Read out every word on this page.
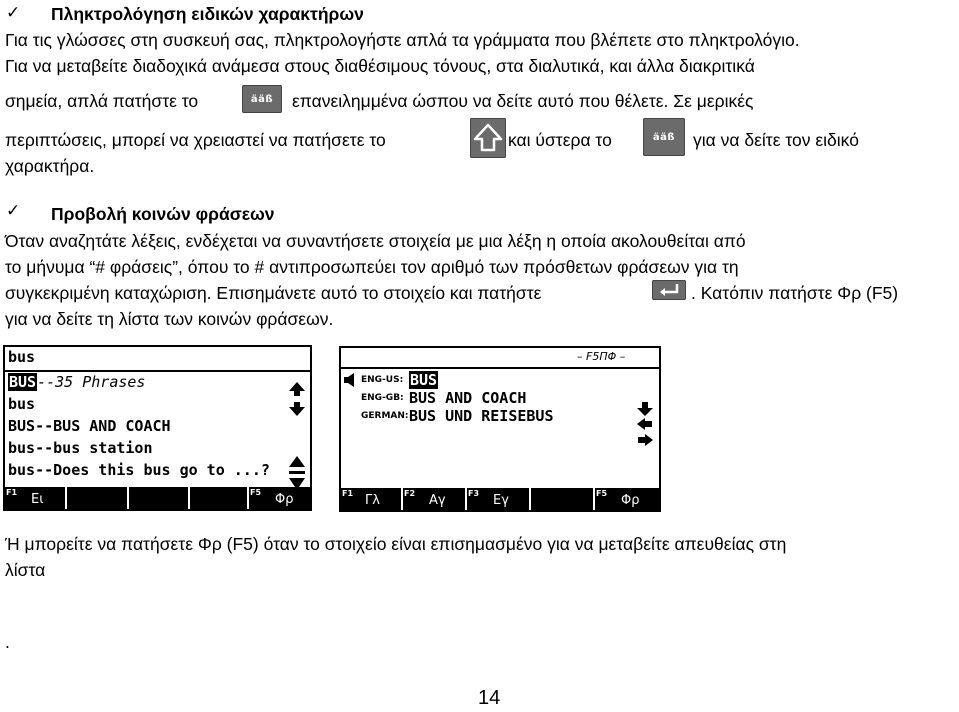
✓ Πληκτρολόγηση ειδικών χαρακτήρων
Για τις γλώσσες στη συσκευή σας, πληκτρολογήστε απλά τα γράμματα που βλέπετε στο πληκτρολόγιο.
Για να μεταβείτε διαδοχικά ανάμεσα στους διαθέσιμους τόνους, στα διαλυτικά, και άλλα διακριτικά
σημεία, απλά πατήστε το	ääß επανειλημμένα ώσπου να δείτε αυτό που θέλετε. Σε μερικές
περιπτώσεις, μπορεί να χρειαστεί να πατήσετε το	και ύστερα το	ääß για να δείτε τον ειδικό
χαρακτήρα.
✓ Προβολή κοινών φράσεων
Όταν αναζητάτε λέξεις, ενδέχεται να συναντήσετε στοιχεία με μια λέξη η οποία ακολουθείται από
το μήνυμα “# φράσεις”, όπου το # αντιπροσωπεύει τον αριθμό των πρόσθετων φράσεων για τη
συγκεκριμένη καταχώριση. Επισημάνετε αυτό το στοιχείο και πατήστε	. Κατόπιν πατήστε Φρ (F5)
για να δείτε τη λίστα των κοινών φράσεων.
bus
BUS--35 Phrases
bus
BUS--BUS AND COACH
bus--bus station
bus--Does this bus go to ...?
F1 Ει	F5 Φρ
– F5ΠΦ –
ENG-US: BUS
ENG-GB: BUS AND COACH
GERMAN: BUS UND REISEBUS
F1 Γλ	F2 Αγ	F3 Εγ	F5 Φρ
Ή μπορείτε να πατήσετε Φρ (F5) όταν το στοιχείο είναι επισημασμένο για να μεταβείτε απευθείας στη
λίστα
.
14
